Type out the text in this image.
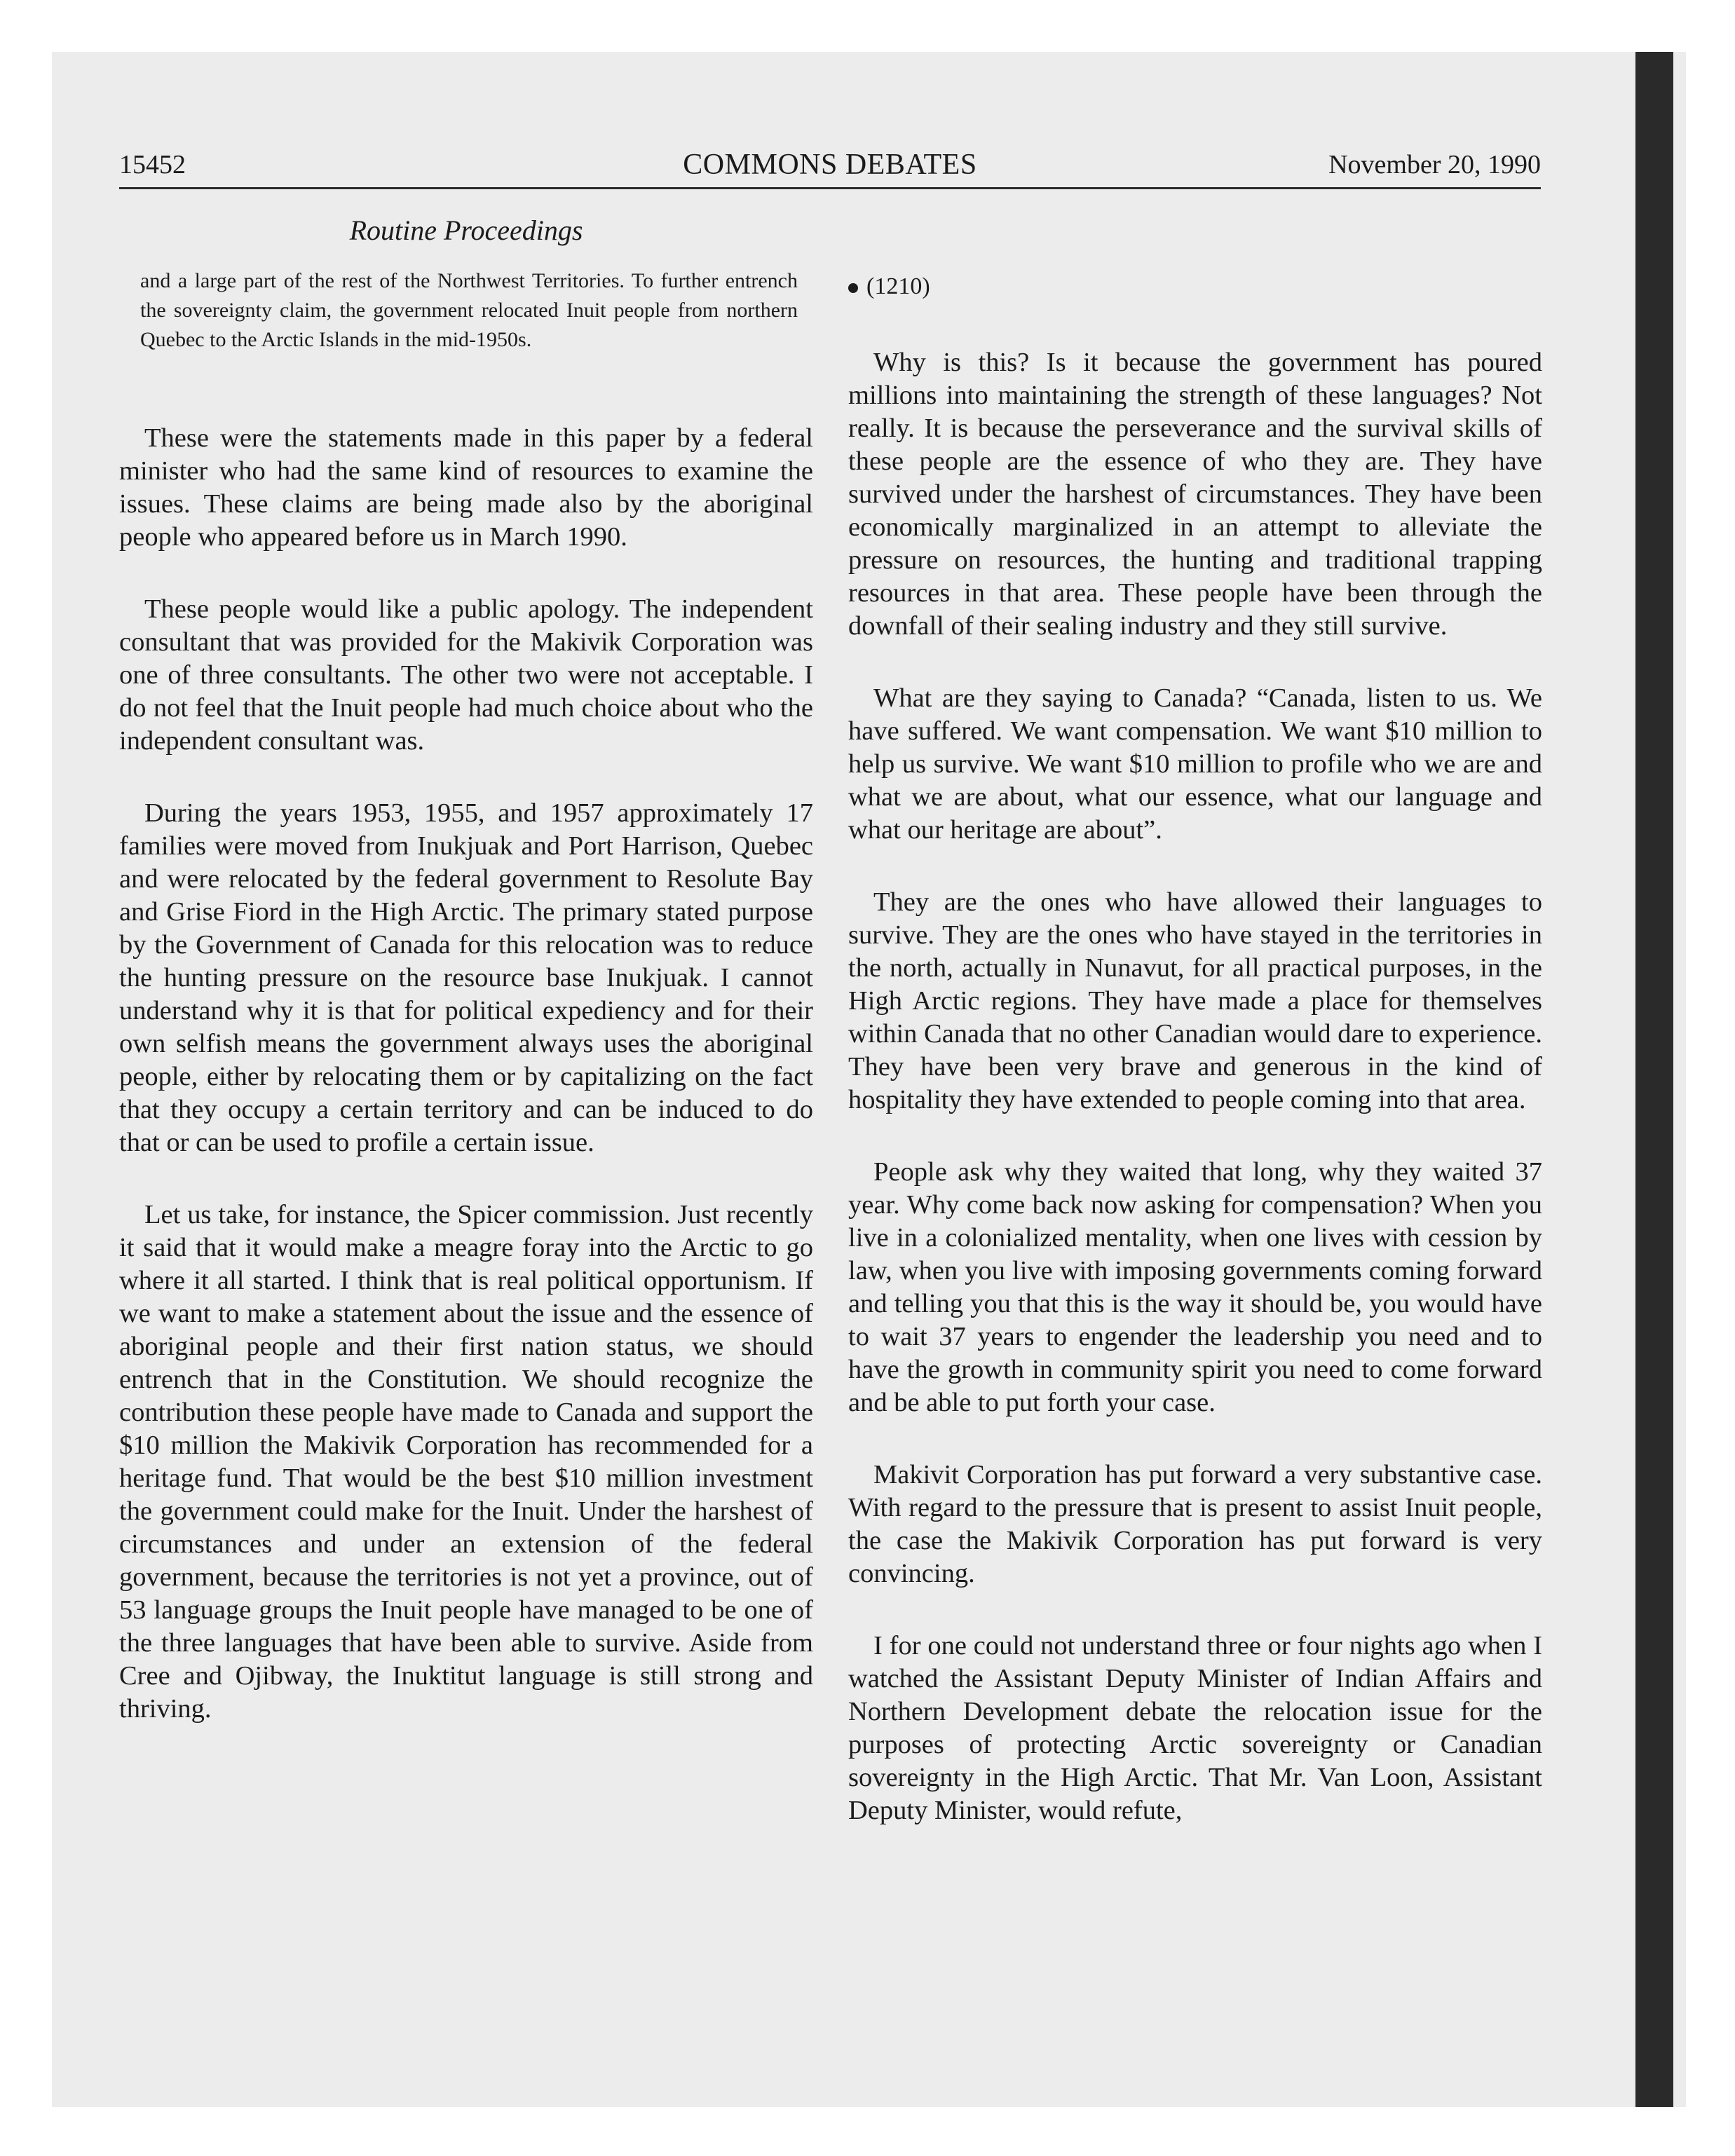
15452	COMMONS DEBATES	November 20, 1990
Routine Proceedings

and a large part of the rest of the Northwest Territories. To further entrench the sovereignty claim, the government relocated Inuit people from northern Quebec to the Arctic Islands in the mid-1950s.

These were the statements made in this paper by a federal minister who had the same kind of resources to examine the issues. These claims are being made also by the aboriginal people who appeared before us in March 1990.

These people would like a public apology. The independent consultant that was provided for the Makivik Corporation was one of three consultants. The other two were not acceptable. I do not feel that the Inuit people had much choice about who the independent consultant was.

During the years 1953, 1955, and 1957 approximately 17 families were moved from Inukjuak and Port Harrison, Quebec and were relocated by the federal government to Resolute Bay and Grise Fiord in the High Arctic. The primary stated purpose by the Government of Canada for this relocation was to reduce the hunting pressure on the resource base Inukjuak. I cannot understand why it is that for political expediency and for their own selfish means the government always uses the aboriginal people, either by relocating them or by capitalizing on the fact that they occupy a certain territory and can be induced to do that or can be used to profile a certain issue.

Let us take, for instance, the Spicer commission. Just recently it said that it would make a meagre foray into the Arctic to go where it all started. I think that is real political opportunism. If we want to make a statement about the issue and the essence of aboriginal people and their first nation status, we should entrench that in the Constitution. We should recognize the contribution these people have made to Canada and support the $10 million the Makivik Corporation has recommended for a heritage fund. That would be the best $10 million investment the government could make for the Inuit. Under the harshest of circumstances and under an extension of the federal government, because the territories is not yet a province, out of 53 language groups the Inuit people have managed to be one of the three languages that have been able to survive. Aside from Cree and Ojibway, the Inuktitut language is still strong and thriving.

(1210)

Why is this? Is it because the government has poured millions into maintaining the strength of these languages? Not really. It is because the perseverance and the survival skills of these people are the essence of who they are. They have survived under the harshest of circumstances. They have been economically marginalized in an attempt to alleviate the pressure on resources, the hunting and traditional trapping resources in that area. These people have been through the downfall of their sealing industry and they still survive.

What are they saying to Canada? “Canada, listen to us. We have suffered. We want compensation. We want $10 million to help us survive. We want $10 million to profile who we are and what we are about, what our essence, what our language and what our heritage are about”.

They are the ones who have allowed their languages to survive. They are the ones who have stayed in the territories in the north, actually in Nunavut, for all practical purposes, in the High Arctic regions. They have made a place for themselves within Canada that no other Canadian would dare to experience. They have been very brave and generous in the kind of hospitality they have extended to people coming into that area.

People ask why they waited that long, why they waited 37 year. Why come back now asking for compensation? When you live in a colonialized mentality, when one lives with cession by law, when you live with imposing governments coming forward and telling you that this is the way it should be, you would have to wait 37 years to engender the leadership you need and to have the growth in community spirit you need to come forward and be able to put forth your case.

Makivit Corporation has put forward a very substantive case. With regard to the pressure that is present to assist Inuit people, the case the Makivik Corporation has put forward is very convincing.

I for one could not understand three or four nights ago when I watched the Assistant Deputy Minister of Indian Affairs and Northern Development debate the relocation issue for the purposes of protecting Arctic sovereignty or Canadian sovereignty in the High Arctic. That Mr. Van Loon, Assistant Deputy Minister, would refute,
